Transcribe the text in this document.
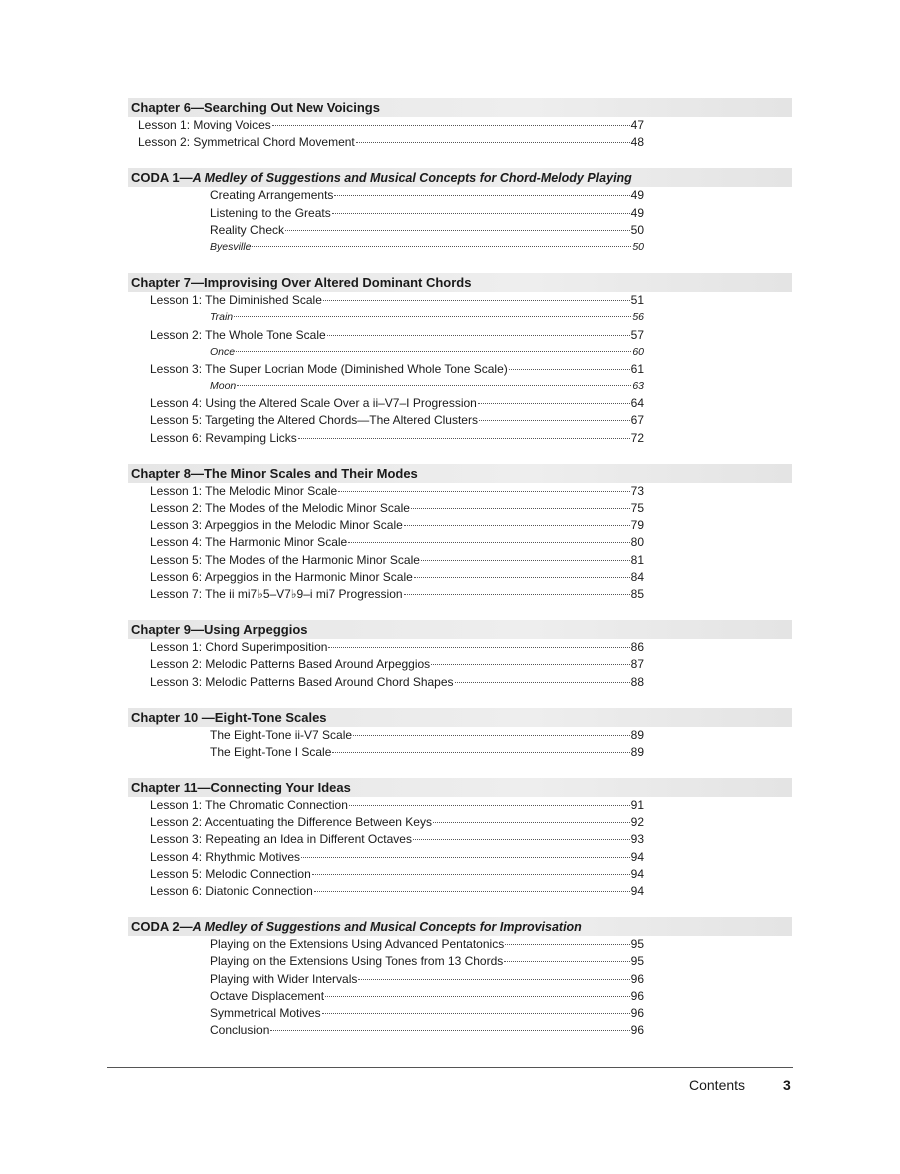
Chapter 6—Searching Out New Voicings
Lesson 1: Moving Voices	47
Lesson 2: Symmetrical Chord Movement	48
CODA 1—A Medley of Suggestions and Musical Concepts for Chord-Melody Playing
Creating Arrangements	49
Listening to the Greats	49
Reality Check	50
Byesville	50
Chapter 7—Improvising Over Altered Dominant Chords
Lesson 1: The Diminished Scale	51
Train	56
Lesson 2: The Whole Tone Scale	57
Once	60
Lesson 3: The Super Locrian Mode (Diminished Whole Tone Scale)	61
Moon	63
Lesson 4: Using the Altered Scale Over a ii–V7–I Progression	64
Lesson 5: Targeting the Altered Chords—The Altered Clusters	67
Lesson 6: Revamping Licks	72
Chapter 8—The Minor Scales and Their Modes
Lesson 1: The Melodic Minor Scale	73
Lesson 2: The Modes of the Melodic Minor Scale	75
Lesson 3: Arpeggios in the Melodic Minor Scale	79
Lesson 4: The Harmonic Minor Scale	80
Lesson 5: The Modes of the Harmonic Minor Scale	81
Lesson 6: Arpeggios in the Harmonic Minor Scale	84
Lesson 7: The ii mi7♭5–V7♭9–i mi7 Progression	85
Chapter 9—Using Arpeggios
Lesson 1: Chord Superimposition	86
Lesson 2: Melodic Patterns Based Around Arpeggios	87
Lesson 3: Melodic Patterns Based Around Chord Shapes	88
Chapter 10 —Eight-Tone Scales
The Eight-Tone ii-V7 Scale	89
The Eight-Tone I Scale	89
Chapter 11—Connecting Your Ideas
Lesson 1: The Chromatic Connection	91
Lesson 2: Accentuating the Difference Between Keys	92
Lesson 3: Repeating an Idea in Different Octaves	93
Lesson 4: Rhythmic Motives	94
Lesson 5: Melodic Connection	94
Lesson 6: Diatonic Connection	94
CODA 2—A Medley of Suggestions and Musical Concepts for Improvisation
Playing on the Extensions Using Advanced Pentatonics	95
Playing on the Extensions Using Tones from 13 Chords	95
Playing with Wider Intervals	96
Octave Displacement	96
Symmetrical Motives	96
Conclusion	96
Contents	3
